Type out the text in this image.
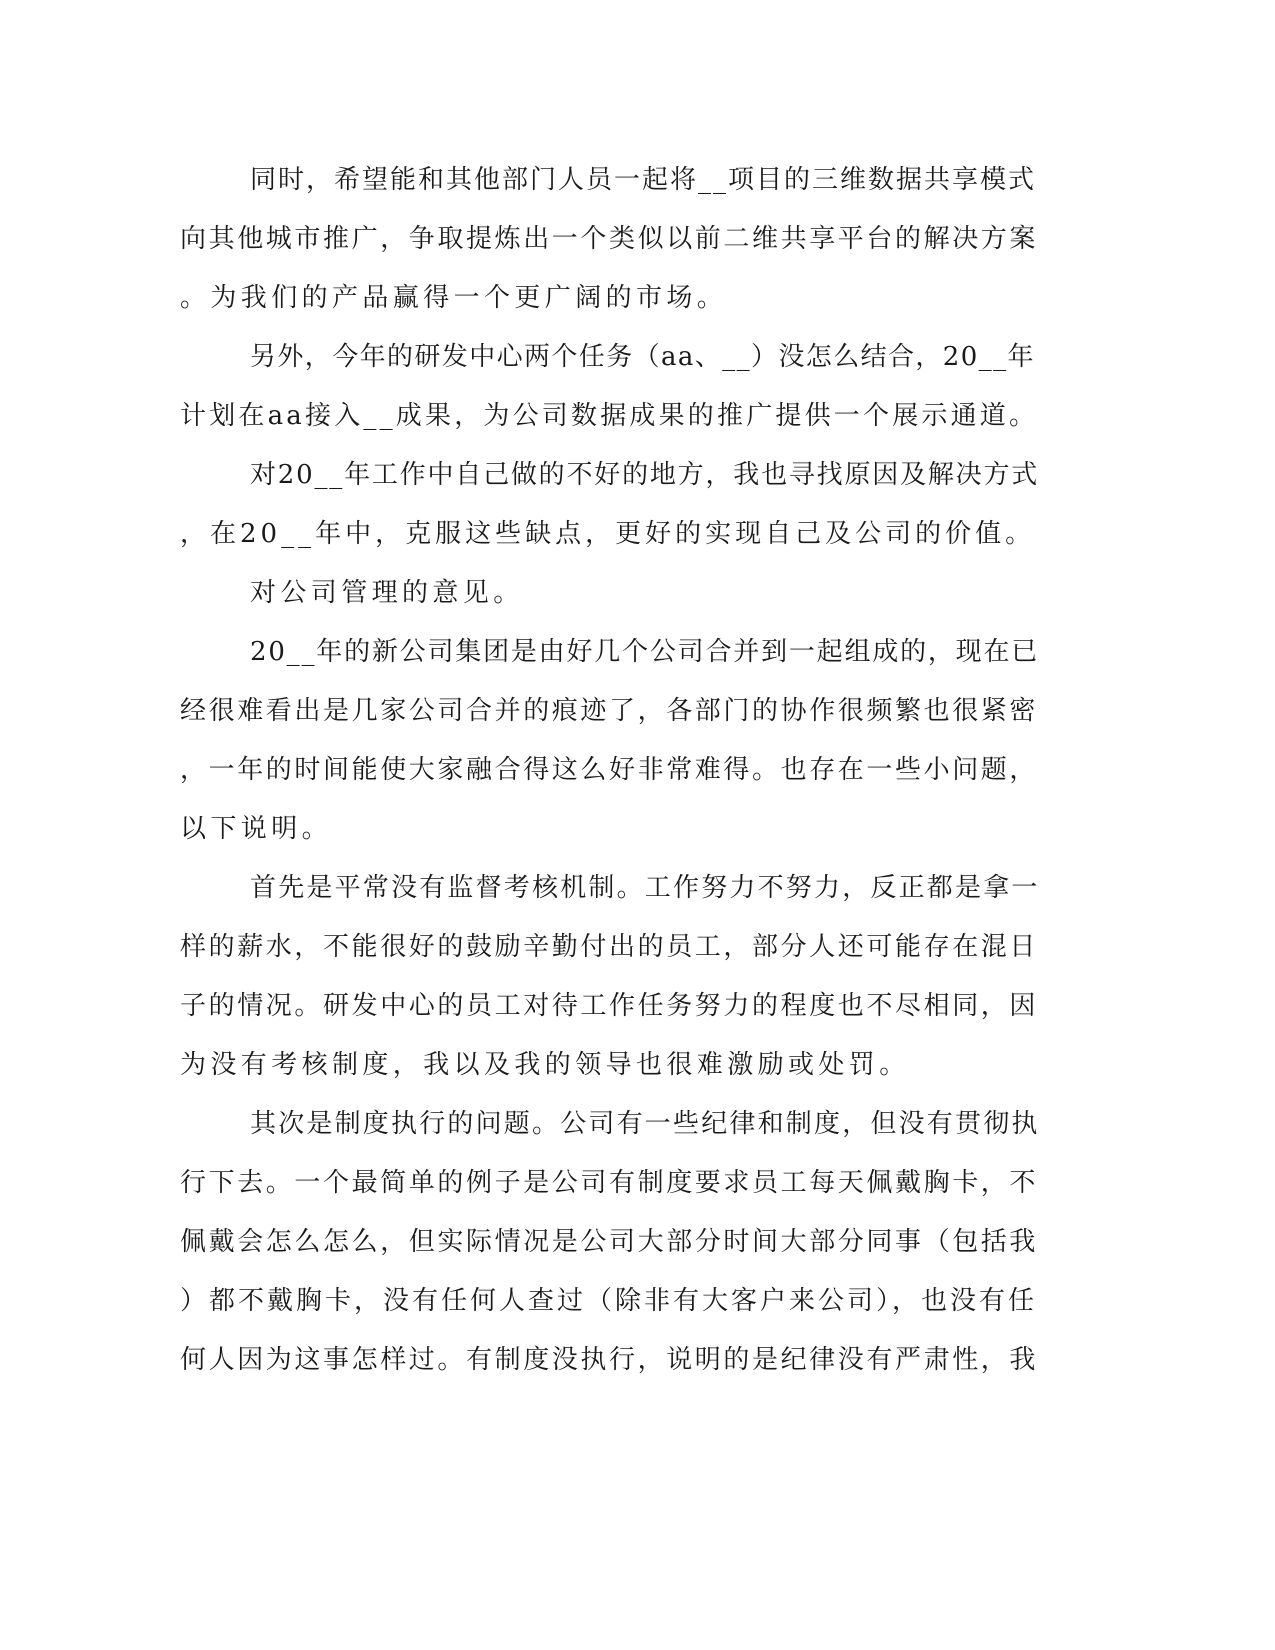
同时，希望能和其他部门人员一起将__项目的三维数据共享模式
向其他城市推广，争取提炼出一个类似以前二维共享平台的解决方案
。为我们的产品赢得一个更广阔的市场。
另外，今年的研发中心两个任务（aa、__）没怎么结合，20__年
计划在aa接入__成果，为公司数据成果的推广提供一个展示通道。
对20__年工作中自己做的不好的地方，我也寻找原因及解决方式
，在20__年中，克服这些缺点，更好的实现自己及公司的价值。
对公司管理的意见。
20__年的新公司集团是由好几个公司合并到一起组成的，现在已
经很难看出是几家公司合并的痕迹了，各部门的协作很频繁也很紧密
，一年的时间能使大家融合得这么好非常难得。也存在一些小问题，
以下说明。
首先是平常没有监督考核机制。工作努力不努力，反正都是拿一
样的薪水，不能很好的鼓励辛勤付出的员工，部分人还可能存在混日
子的情况。研发中心的员工对待工作任务努力的程度也不尽相同，因
为没有考核制度，我以及我的领导也很难激励或处罚。
其次是制度执行的问题。公司有一些纪律和制度，但没有贯彻执
行下去。一个最简单的例子是公司有制度要求员工每天佩戴胸卡，不
佩戴会怎么怎么，但实际情况是公司大部分时间大部分同事（包括我
）都不戴胸卡，没有任何人查过（除非有大客户来公司），也没有任
何人因为这事怎样过。有制度没执行，说明的是纪律没有严肃性，我
